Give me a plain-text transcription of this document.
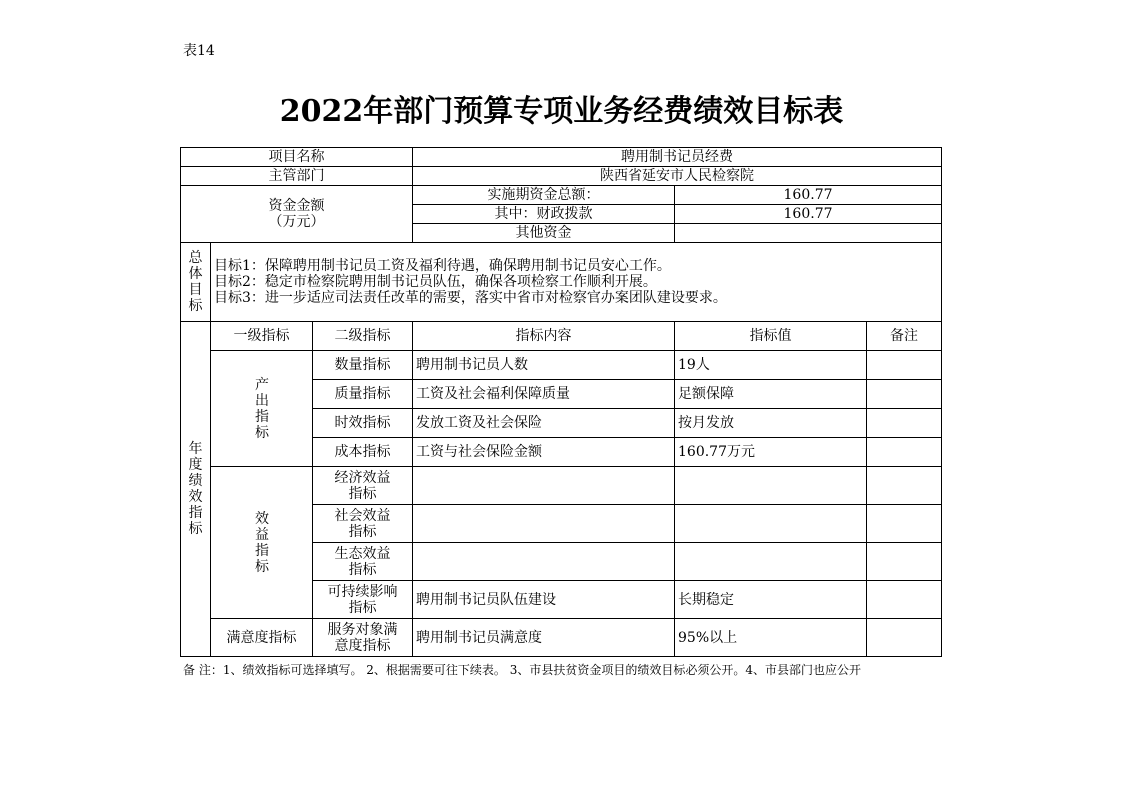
表14
2022年部门预算专项业务经费绩效目标表
项目名称			聘用制书记员经费		
主管部门			陕西省延安市人民检察院		

资金金额
（万元）			实施期资金总额：	160.77	
			其中：财政拨款	160.77	
			其他资金		
总体目标	目标1：保障聘用制书记员工资及福利待遇，确保聘用制书记员安心工作。
目标2：稳定市检察院聘用制书记员队伍，确保各项检察工作顺利开展。
目标3：进一步适应司法责任改革的需要，落实中省市对检察官办案团队建设要求。				

年度绩效指标	一级指标	二级指标	指标内容	指标值	备注
	产出指标	数量指标	聘用制书记员人数	19人	
		质量指标	工资及社会福利保障质量	足额保障	
		时效指标	发放工资及社会保险	按月发放	
		成本指标	工资与社会保险金额	160.77万元	
	效益指标	经济效益指标			
		社会效益指标			
		生态效益指标			
		可持续影响指标	聘用制书记员队伍建设	长期稳定	
	满意度指标	服务对象满意度指标	聘用制书记员满意度	95%以上	
备 注：1、绩效指标可选择填写。 2、根据需要可往下续表。 3、市县扶贫资金项目的绩效目标必须公开。4、市县部门也应公开
